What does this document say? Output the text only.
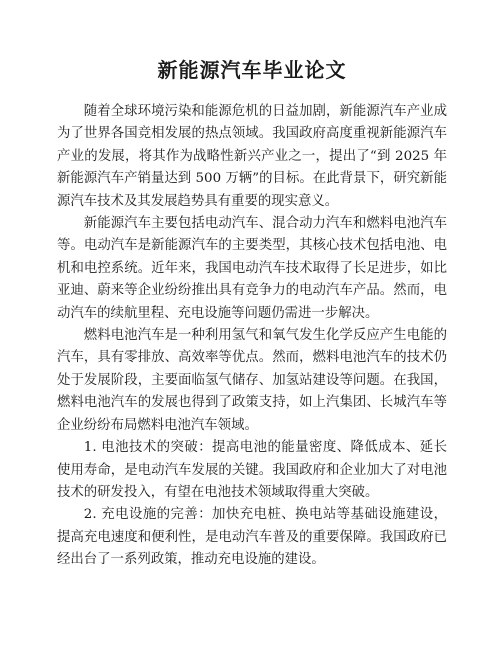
新能源汽车毕业论文

随着全球环境污染和能源危机的日益加剧，新能源汽车产业成为了世界各国竞相发展的热点领域。我国政府高度重视新能源汽车产业的发展，将其作为战略性新兴产业之一，提出了“到 2025 年新能源汽车产销量达到 500 万辆”的目标。在此背景下，研究新能源汽车技术及其发展趋势具有重要的现实意义。

新能源汽车主要包括电动汽车、混合动力汽车和燃料电池汽车等。电动汽车是新能源汽车的主要类型，其核心技术包括电池、电机和电控系统。近年来，我国电动汽车技术取得了长足进步，如比亚迪、蔚来等企业纷纷推出具有竞争力的电动汽车产品。然而，电动汽车的续航里程、充电设施等问题仍需进一步解决。

燃料电池汽车是一种利用氢气和氧气发生化学反应产生电能的汽车，具有零排放、高效率等优点。然而，燃料电池汽车的技术仍处于发展阶段，主要面临氢气储存、加氢站建设等问题。在我国，燃料电池汽车的发展也得到了政策支持，如上汽集团、长城汽车等企业纷纷布局燃料电池汽车领域。

1. 电池技术的突破：提高电池的能量密度、降低成本、延长使用寿命，是电动汽车发展的关键。我国政府和企业加大了对电池技术的研发投入，有望在电池技术领域取得重大突破。

2. 充电设施的完善：加快充电桩、换电站等基础设施建设，提高充电速度和便利性，是电动汽车普及的重要保障。我国政府已经出台了一系列政策，推动充电设施的建设。
